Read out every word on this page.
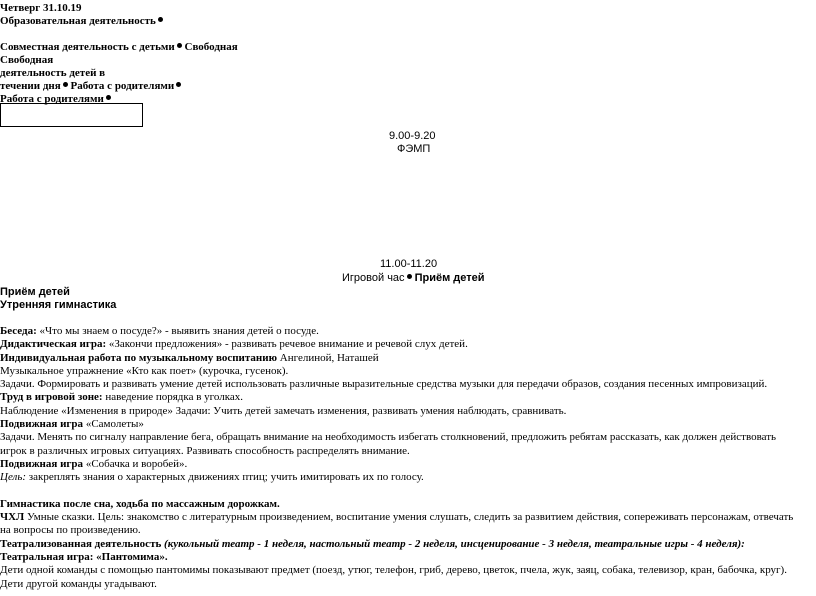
Четверг 31.10.19
Образовательная деятельность
Совместная деятельность с детьми Свободная
Свободная
деятельность детей в
течении дня Работа с родителями
Работа с родителями
9.00-9.20
ФЭМП
11.00-11.20
Игровой час Приём детей
Приём детей
Утренняя гимнастика
Беседа: «Что мы знаем о посуде?» - выявить знания детей о посуде.
Дидактическая игра: «Закончи предложения» - развивать речевое внимание и речевой слух детей.
Индивидуальная работа по музыкальному воспитанию Ангелиной, Наташей
Музыкальное упражнение «Кто как поет» (курочка, гусенок).
Задачи. Формировать и развивать умение детей использовать различные выразительные средства музыки для передачи образов, создания песенных импровизаций.
Труд в игровой зоне: наведение порядка в уголках.
Наблюдение «Изменения в природе» Задачи: Учить детей замечать изменения, развивать умения наблюдать, сравнивать.
Подвижная игра «Самолеты»
Задачи. Менять по сигналу направление бега, обращать внимание на необходимость избегать столкновений, предложить ребятам рассказать, как должен действовать
игрок в различных игровых ситуациях. Развивать способность распределять внимание.
Подвижная игра «Собачка и воробей».
Цель: закреплять знания о характерных движениях птиц; учить имитировать их по голосу.
Гимнастика после сна, ходьба по массажным дорожкам.
ЧХЛ Умные сказки. Цель: знакомство с литературным произведением, воспитание умения слушать, следить за развитием действия, сопереживать персонажам, отвечать
на вопросы по произведению.
Театрализованная деятельность (кукольный театр - 1 неделя, настольный театр - 2 неделя, инсценирование - 3 неделя, театральные игры - 4 неделя):
Театральная игра: «Пантомима».
Дети одной команды с помощью пантомимы показывают предмет (поезд, утюг, телефон, гриб, дерево, цветок, пчела, жук, заяц, собака, телевизор, кран, бабочка, круг).
Дети другой команды угадывают.
